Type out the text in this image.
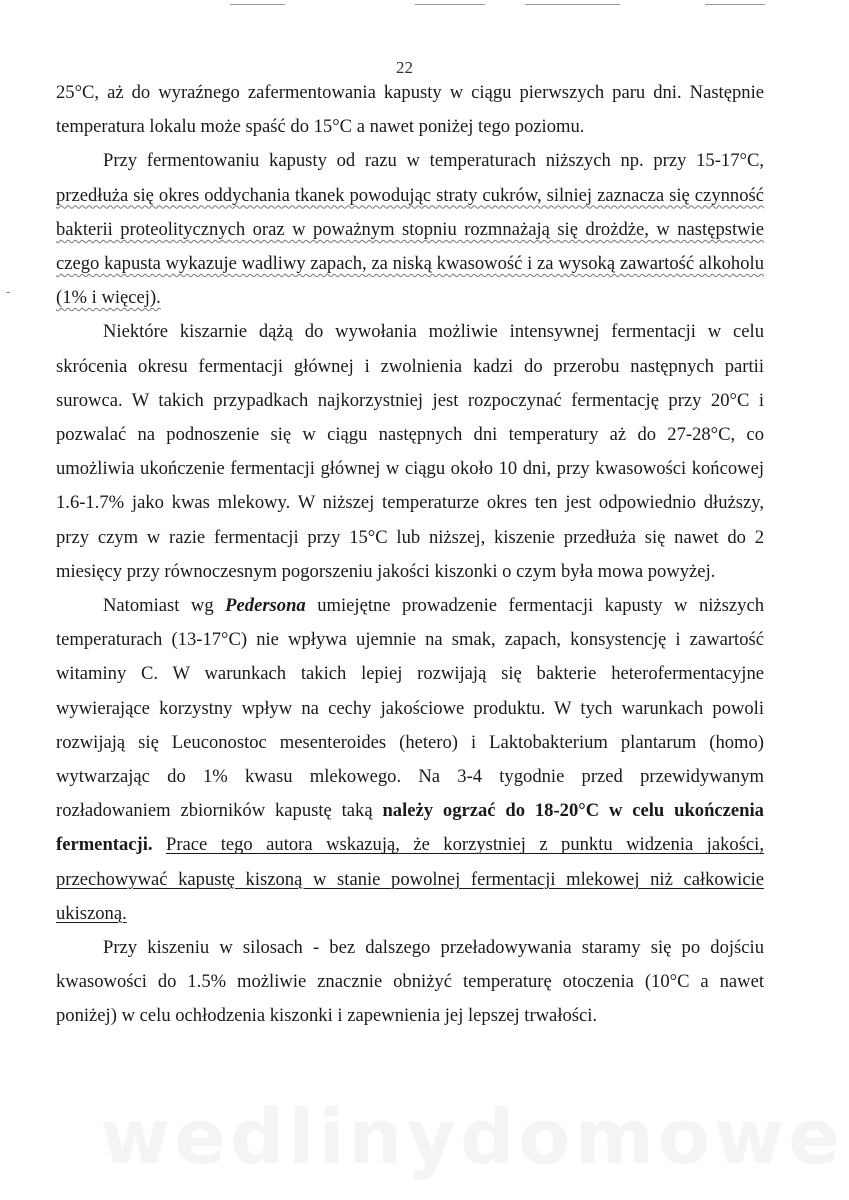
22

25°C, aż do wyraźnego zafermentowania kapusty w ciągu pierwszych paru dni. Następnie temperatura lokalu może spaść do 15°C a nawet poniżej tego poziomu.

Przy fermentowaniu kapusty od razu w temperaturach niższych np. przy 15-17°C, przedłuża się okres oddychania tkanek powodując straty cukrów, silniej zaznacza się czynność bakterii proteolitycznych oraz w poważnym stopniu rozmnażają się drożdże, w następstwie czego kapusta wykazuje wadliwy zapach, za niską kwasowość i za wysoką zawartość alkoholu (1% i więcej).

Niektóre kiszarnie dążą do wywołania możliwie intensywnej fermentacji w celu skrócenia okresu fermentacji głównej i zwolnienia kadzi do przerobu następnych partii surowca. W takich przypadkach najkorzystniej jest rozpoczynać fermentację przy 20°C i pozwalać na podnoszenie się w ciągu następnych dni temperatury aż do 27-28°C, co umożliwia ukończenie fermentacji głównej w ciągu około 10 dni, przy kwasowości końcowej 1.6-1.7% jako kwas mlekowy. W niższej temperaturze okres ten jest odpowiednio dłuższy, przy czym w razie fermentacji przy 15°C lub niższej, kiszenie przedłuża się nawet do 2 miesięcy przy równoczesnym pogorszeniu jakości kiszonki o czym była mowa powyżej.

Natomiast wg Pedersona umiejętne prowadzenie fermentacji kapusty w niższych temperaturach (13-17°C) nie wpływa ujemnie na smak, zapach, konsystencję i zawartość witaminy C. W warunkach takich lepiej rozwijają się bakterie heterofermentacyjne wywierające korzystny wpływ na cechy jakościowe produktu. W tych warunkach powoli rozwijają się Leuconostoc mesenteroides (hetero) i Laktobakterium plantarum (homo) wytwarzając do 1% kwasu mlekowego. Na 3-4 tygodnie przed przewidywanym rozładowaniem zbiorników kapustę taką należy ogrzać do 18-20°C w celu ukończenia fermentacji. Prace tego autora wskazują, że korzystniej z punktu widzenia jakości, przechowywać kapustę kiszoną w stanie powolnej fermentacji mlekowej niż całkowicie ukiszoną.

Przy kiszeniu w silosach - bez dalszego przeładowywania staramy się po dojściu kwasowości do 1.5% możliwie znacznie obniżyć temperaturę otoczenia (10°C a nawet poniżej) w celu ochłodzenia kiszonki i zapewnienia jej lepszej trwałości.
